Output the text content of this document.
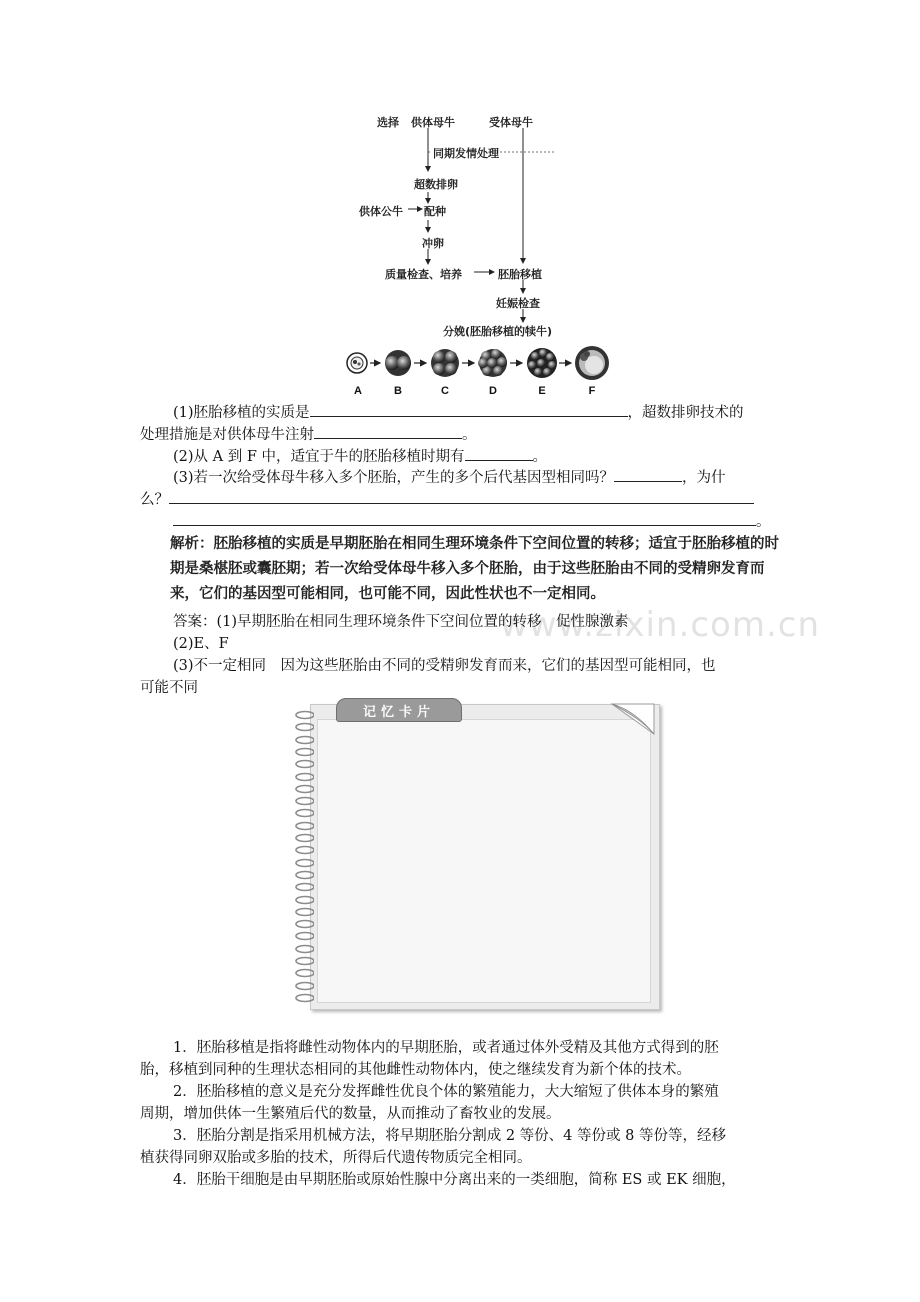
选择 供体母牛	受体母牛
同期发情处理
超数排卵
供体公牛 配种
冲卵
质量检查、培养	胚胎移植
妊娠检查
分娩(胚胎移植的犊牛)
A	B	C	D	E	F
(1)胚胎移植的实质是	，超数排卵技术的
处理措施是对供体母牛注射	。
(2)从 A 到 F 中，适宜于牛的胚胎移植时期有	。
(3)若一次给受体母牛移入多个胚胎，产生的多个后代基因型相同吗？	，为什
么？
。
解析：胚胎移植的实质是早期胚胎在相同生理环境条件下空间位置的转移；适宜于胚胎移植的时期是桑椹胚或囊胚期；若一次给受体母牛移入多个胚胎，由于这些胚胎由不同的受精卵发育而来，它们的基因型可能相同，也可能不同，因此性状也不一定相同。
www.zixin.com.cn
答案：(1)早期胚胎在相同生理环境条件下空间位置的转移　促性腺激素
(2)E、F
(3)不一定相同　因为这些胚胎由不同的受精卵发育而来，它们的基因型可能相同，也
可能不同
记忆卡片
1．胚胎移植是指将雌性动物体内的早期胚胎，或者通过体外受精及其他方式得到的胚
胎，移植到同种的生理状态相同的其他雌性动物体内，使之继续发育为新个体的技术。
2．胚胎移植的意义是充分发挥雌性优良个体的繁殖能力，大大缩短了供体本身的繁殖
周期，增加供体一生繁殖后代的数量，从而推动了畜牧业的发展。
3．胚胎分割是指采用机械方法，将早期胚胎分割成 2 等份、4 等份或 8 等份等，经移
植获得同卵双胎或多胎的技术，所得后代遗传物质完全相同。
4．胚胎干细胞是由早期胚胎或原始性腺中分离出来的一类细胞，简称 ES 或 EK 细胞，
